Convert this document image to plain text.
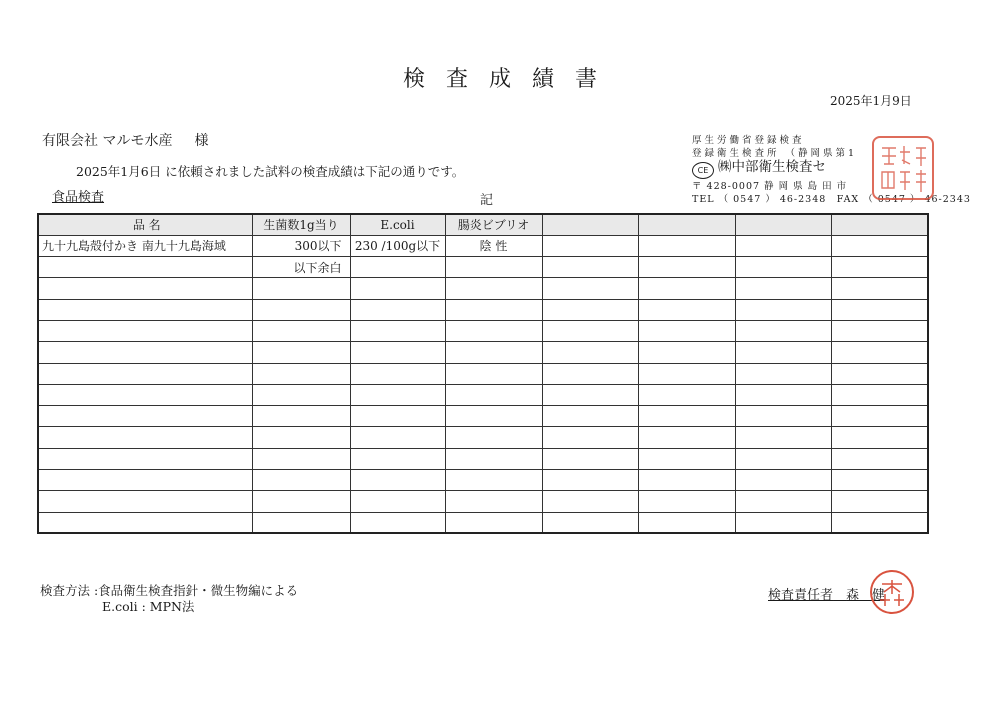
検査成績書
2025年1月9日
有限会社 マルモ水産 様
2025年1月6日 に依頼されました試料の検査成績は下記の通りです。
食品検査	記
厚生労働省登録検査
登録衛生検査所 （静岡県第1
CE ㈱中部衛生検査セ
〒 428-0007 静 岡 県 島 田 市
TEL （ 0547 ） 46-2348　FAX （ 0547 ） 46-2343
品 名	生菌数1g当り	E.coli	腸炎ビブリオ				
九十九島殻付かき 南九十九島海域	300以下	230 /100g以下	陰 性				
	以下余白						

検査方法 :食品衛生検査指針・微生物編による
E.coli : MPN法
検査責任者　 森　健
